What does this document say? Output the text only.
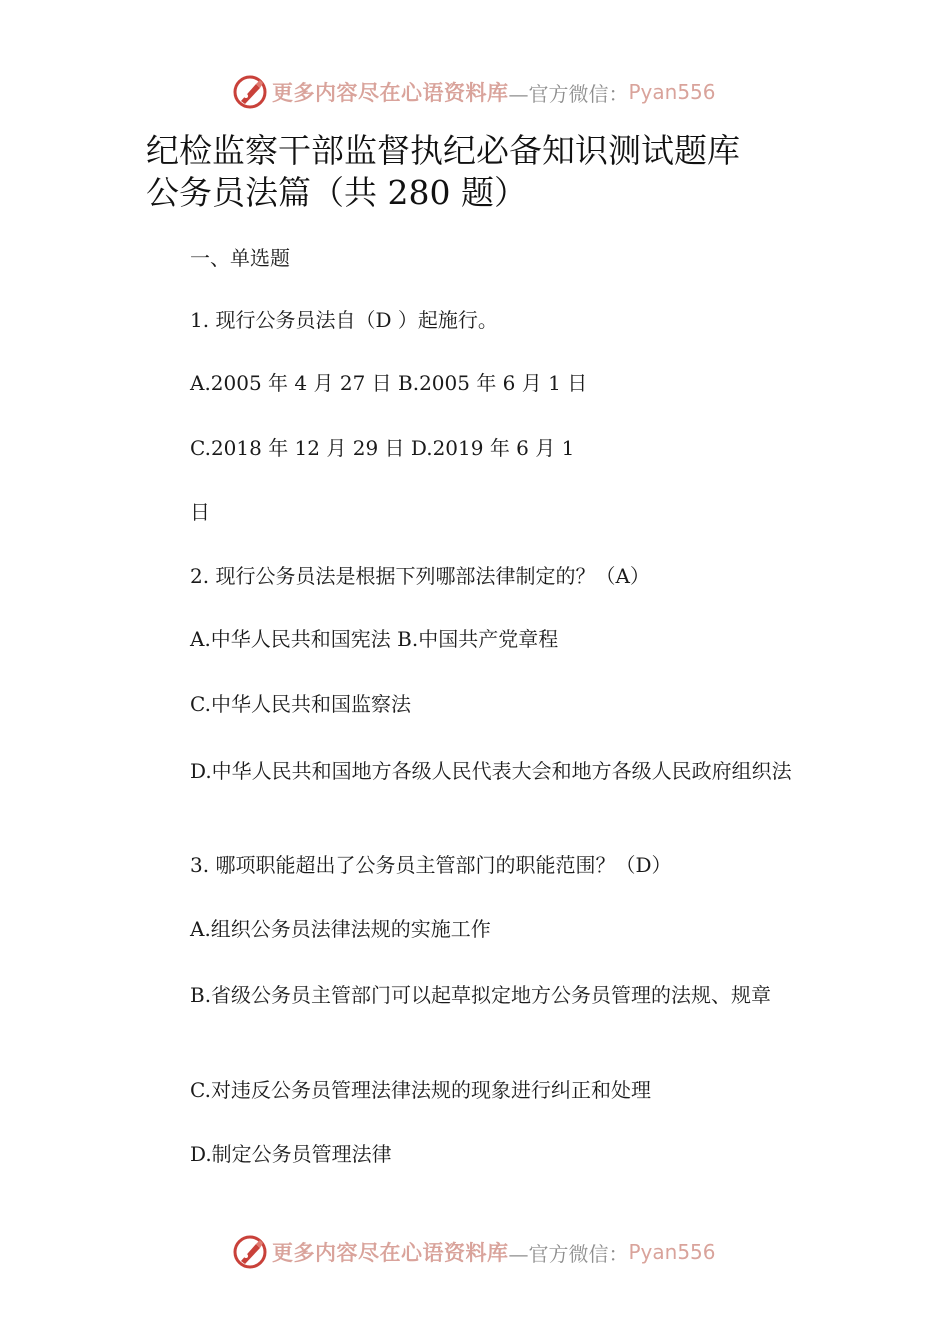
更多内容尽在心语资料库 —官方微信： Pyan556
纪检监察干部监督执纪必备知识测试题库
公务员法篇（共 280 题）
一、单选题
1. 现行公务员法自（D ）起施行。
A.2005 年 4 月 27 日 B.2005 年 6 月 1 日
C.2018 年 12 月 29 日 D.2019 年 6 月 1
日
2. 现行公务员法是根据下列哪部法律制定的？（A）
A.中华人民共和国宪法 B.中国共产党章程
C.中华人民共和国监察法
D.中华人民共和国地方各级人民代表大会和地方各级人民政府组织法
3. 哪项职能超出了公务员主管部门的职能范围？（D）
A.组织公务员法律法规的实施工作
B.省级公务员主管部门可以起草拟定地方公务员管理的法规、规章
C.对违反公务员管理法律法规的现象进行纠正和处理
D.制定公务员管理法律
更多内容尽在心语资料库 —官方微信： Pyan556
